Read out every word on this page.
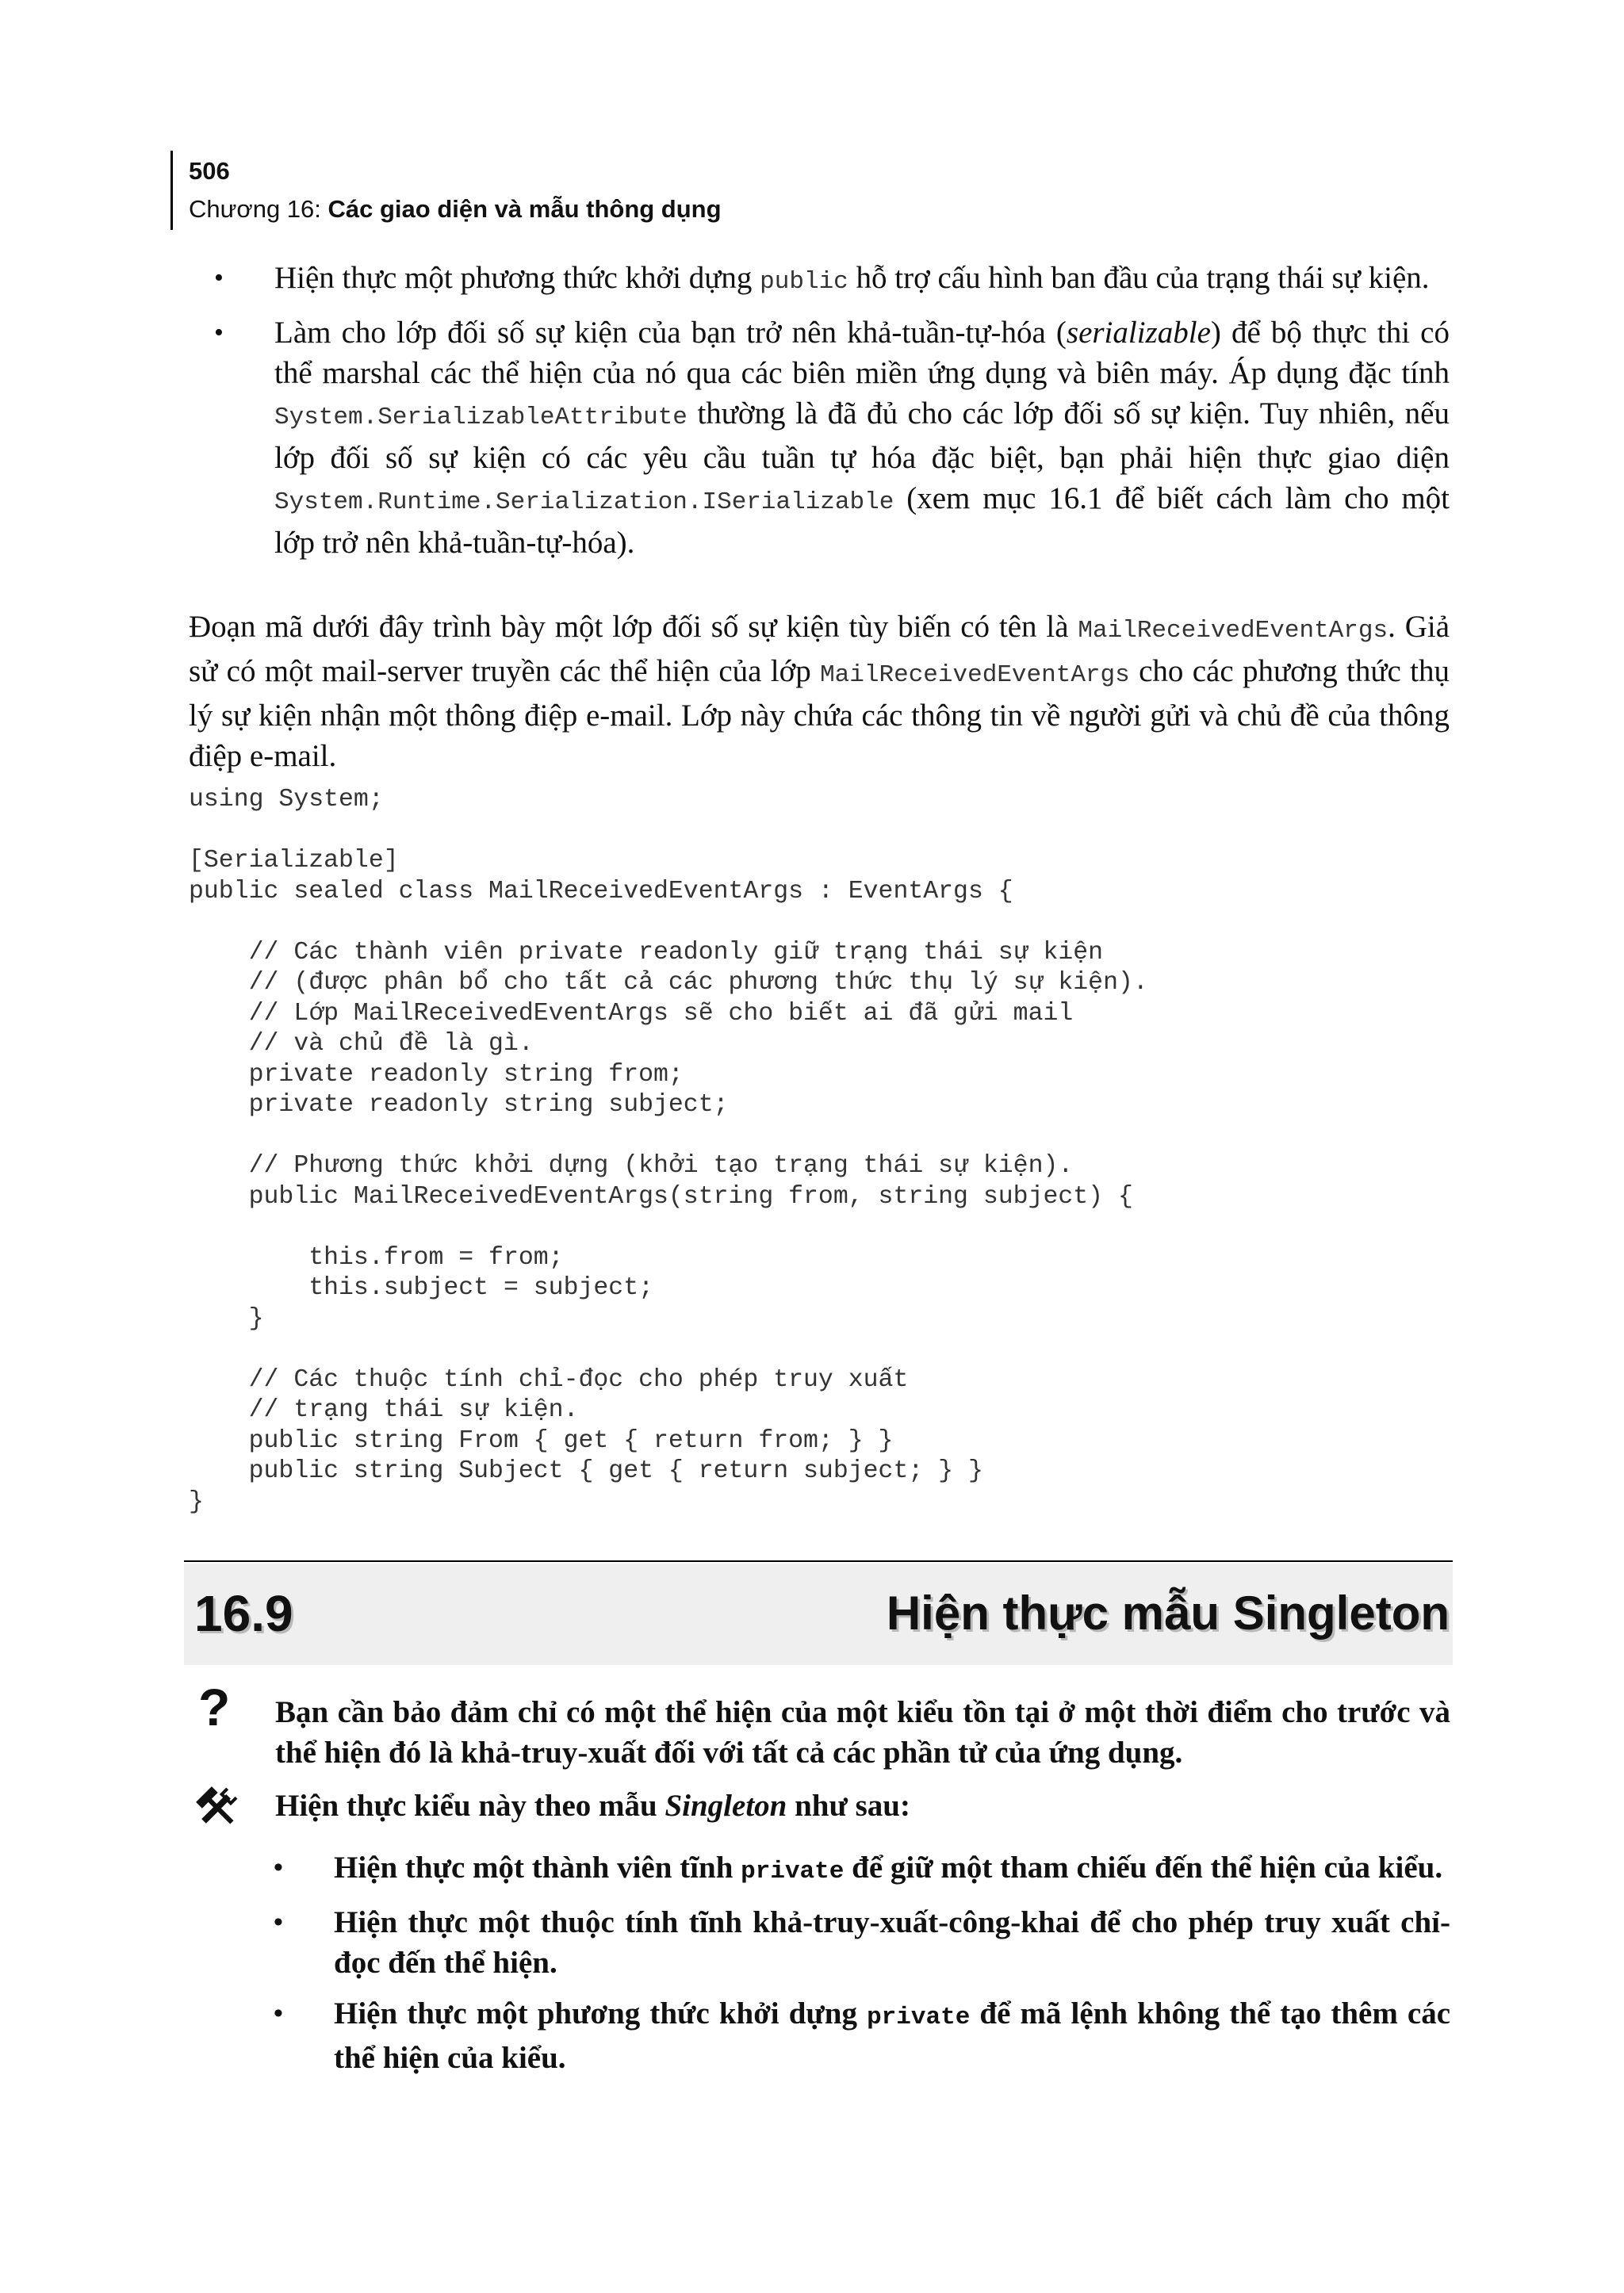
506
Chương 16: Các giao diện và mẫu thông dụng
•	Hiện thực một phương thức khởi dựng public hỗ trợ cấu hình ban đầu của trạng thái sự kiện.
•	Làm cho lớp đối số sự kiện của bạn trở nên khả-tuần-tự-hóa (serializable) để bộ thực thi có thể marshal các thể hiện của nó qua các biên miền ứng dụng và biên máy. Áp dụng đặc tính System.SerializableAttribute thường là đã đủ cho các lớp đối số sự kiện. Tuy nhiên, nếu lớp đối số sự kiện có các yêu cầu tuần tự hóa đặc biệt, bạn phải hiện thực giao diện System.Runtime.Serialization.ISerializable (xem mục 16.1 để biết cách làm cho một lớp trở nên khả-tuần-tự-hóa).

Đoạn mã dưới đây trình bày một lớp đối số sự kiện tùy biến có tên là MailReceivedEventArgs. Giả sử có một mail-server truyền các thể hiện của lớp MailReceivedEventArgs cho các phương thức thụ lý sự kiện nhận một thông điệp e-mail. Lớp này chứa các thông tin về người gửi và chủ đề của thông điệp e-mail.

using System;

[Serializable]
public sealed class MailReceivedEventArgs : EventArgs {

// Các thành viên private readonly giữ trạng thái sự kiện
// (được phân bổ cho tất cả các phương thức thụ lý sự kiện).
// Lớp MailReceivedEventArgs sẽ cho biết ai đã gửi mail
// và chủ đề là gì.
private readonly string from;
private readonly string subject;

// Phương thức khởi dựng (khởi tạo trạng thái sự kiện).
public MailReceivedEventArgs(string from, string subject) {

this.from = from;
this.subject = subject;
}

// Các thuộc tính chỉ-đọc cho phép truy xuất
// trạng thái sự kiện.
public string From { get { return from; } }
public string Subject { get { return subject; } }
}
16.9	Hiện thực mẫu Singleton
? Bạn cần bảo đảm chỉ có một thể hiện của một kiểu tồn tại ở một thời điểm cho trước và thể hiện đó là khả-truy-xuất đối với tất cả các phần tử của ứng dụng.

Hiện thực kiểu này theo mẫu Singleton như sau:

•	Hiện thực một thành viên tĩnh private để giữ một tham chiếu đến thể hiện của kiểu.
•	Hiện thực một thuộc tính tĩnh khả-truy-xuất-công-khai để cho phép truy xuất chỉ-đọc đến thể hiện.
•	Hiện thực một phương thức khởi dựng private để mã lệnh không thể tạo thêm các thể hiện của kiểu.
